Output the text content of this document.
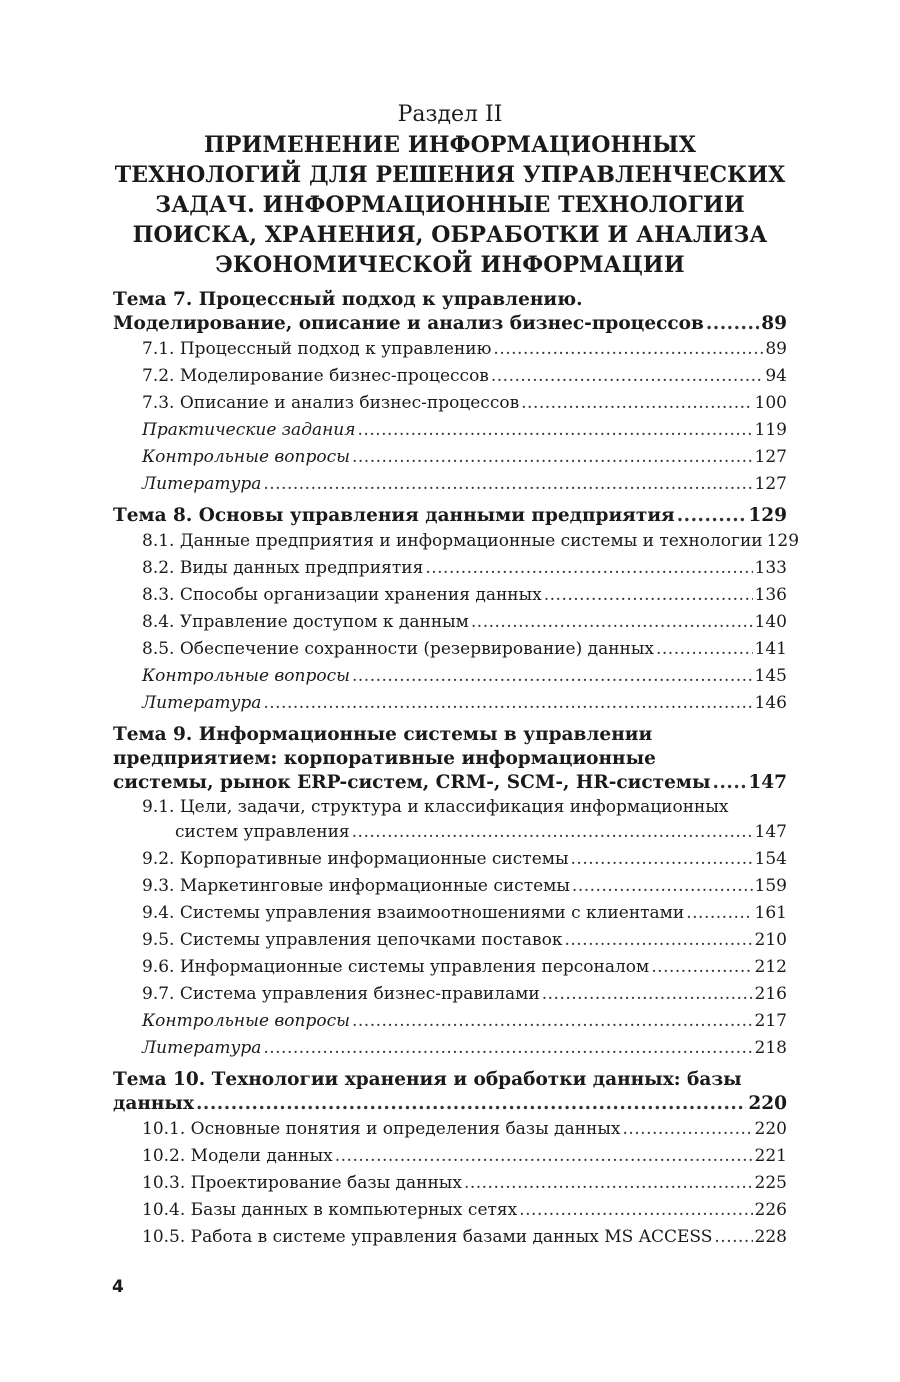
Раздел II
ПРИМЕНЕНИЕ ИНФОРМАЦИОННЫХ
ТЕХНОЛОГИЙ ДЛЯ РЕШЕНИЯ УПРАВЛЕНЧЕСКИХ
ЗАДАЧ. ИНФОРМАЦИОННЫЕ ТЕХНОЛОГИИ
ПОИСКА, ХРАНЕНИЯ, ОБРАБОТКИ И АНАЛИЗА
ЭКОНОМИЧЕСКОЙ ИНФОРМАЦИИ
Тема 7. Процессный подход к управлению.
Моделирование, описание и анализ бизнес-процессов .....	89
7.1. Процессный подход к управлению .....	89
7.2. Моделирование бизнес-процессов .....	94
7.3. Описание и анализ бизнес-процессов .....	100
Практические задания .....	119
Контрольные вопросы .....	127
Литература .....	127
Тема 8. Основы управления данными предприятия .....	129
8.1. Данные предприятия и информационные системы и технологии 129
8.2. Виды данных предприятия .....	133
8.3. Способы организации хранения данных .....	136
8.4. Управление доступом к данным .....	140
8.5. Обеспечение сохранности (резервирование) данных .....	141
Контрольные вопросы .....	145
Литература .....	146
Тема 9. Информационные системы в управлении
предприятием: корпоративные информационные
системы, рынок ERP-систем, CRM-, SCM-, HR-системы ..... 147
9.1. Цели, задачи, структура и классификация информационных
систем управления .....	147
9.2. Корпоративные информационные системы .....	154
9.3. Маркетинговые информационные системы .....	159
9.4. Системы управления взаимоотношениями с клиентами .....	161
9.5. Системы управления цепочками поставок .....	210
9.6. Информационные системы управления персоналом .....	212
9.7. Система управления бизнес-правилами .....	216
Контрольные вопросы .....	217
Литература .....	218
Тема 10. Технологии хранения и обработки данных: базы
данных .....	220
10.1. Основные понятия и определения базы данных .....	220
10.2. Модели данных .....	221
10.3. Проектирование базы данных .....	225
10.4. Базы данных в компьютерных сетях .....	226
10.5. Работа в системе управления базами данных MS ACCESS ..... 228
4
